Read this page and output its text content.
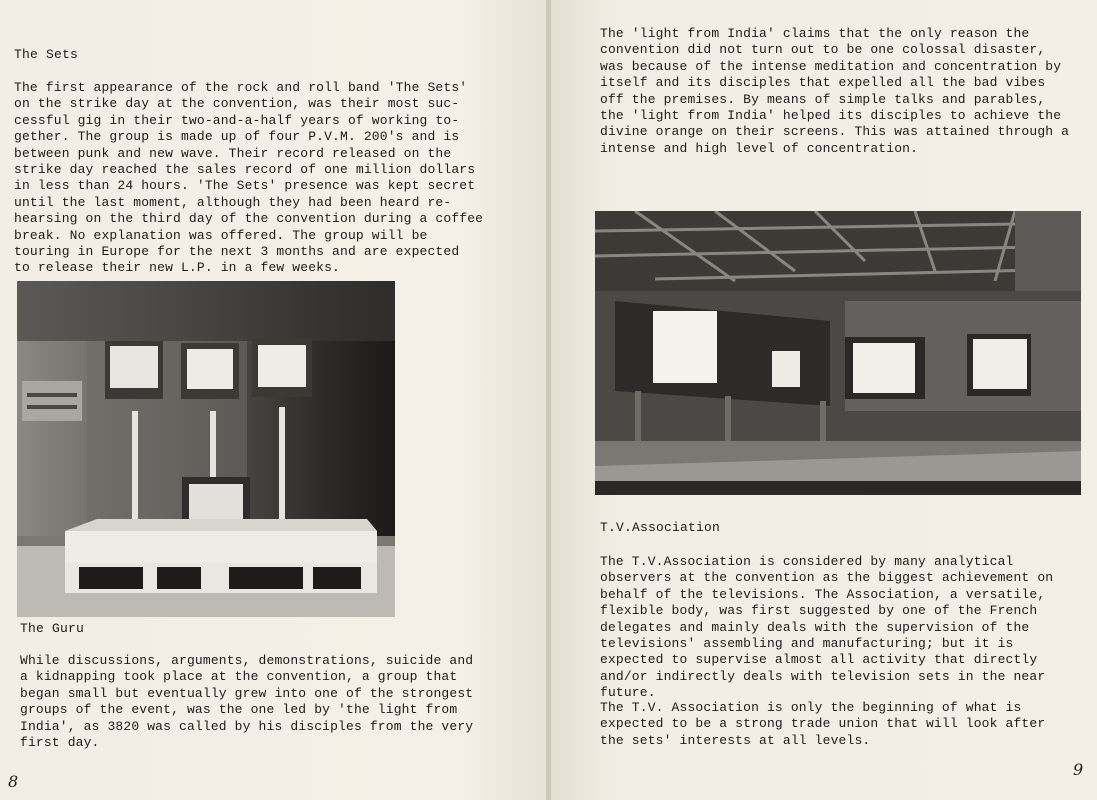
The Sets

The first appearance of the rock and roll band 'The Sets'
on the strike day at the convention, was their most suc-
cessful gig in their two-and-a-half years of working to-
gether. The group is made up of four P.V.M. 200's and is
between punk and new wave. Their record released on the
strike day reached the sales record of one million dollars
in less than 24 hours. 'The Sets' presence was kept secret
until the last moment, although they had been heard re-
hearsing on the third day of the convention during a coffee
break. No explanation was offered. The group will be
touring in Europe for the next 3 months and are expected
to release their new L.P. in a few weeks.

The Guru

While discussions, arguments, demonstrations, suicide and
a kidnapping took place at the convention, a group that
began small but eventually grew into one of the strongest
groups of the event, was the one led by 'the light from
India', as 3820 was called by his disciples from the very
first day.

8

The 'light from India' claims that the only reason the
convention did not turn out to be one colossal disaster,
was because of the intense meditation and concentration by
itself and its disciples that expelled all the bad vibes
off the premises. By means of simple talks and parables,
the 'light from India' helped its disciples to achieve the
divine orange on their screens. This was attained through a
intense and high level of concentration.

T.V.Association

The T.V.Association is considered by many analytical
observers at the convention as the biggest achievement on
behalf of the televisions. The Association, a versatile,
flexible body, was first suggested by one of the French
delegates and mainly deals with the supervision of the
televisions' assembling and manufacturing; but it is
expected to supervise almost all activity that directly
and/or indirectly deals with television sets in the near
future.

The T.V. Association is only the beginning of what is
expected to be a strong trade union that will look after
the sets' interests at all levels.

9
